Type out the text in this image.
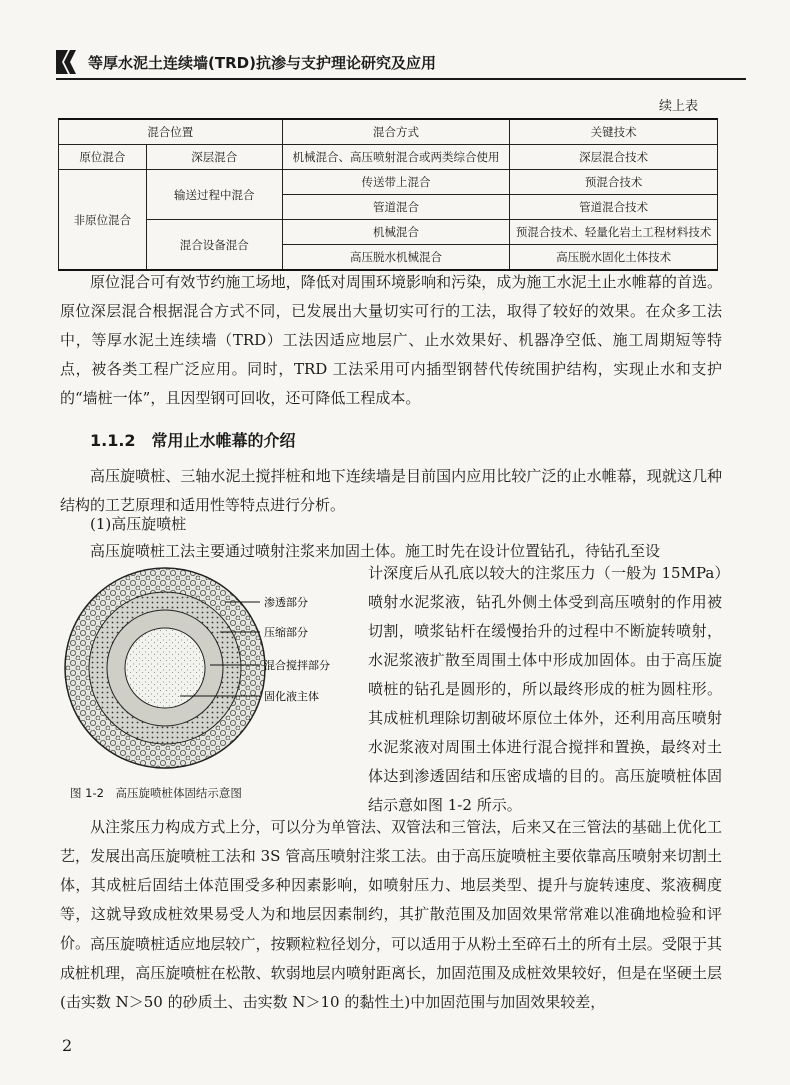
等厚水泥土连续墙(TRD)抗渗与支护理论研究及应用
续上表
混合位置		混合方式	关键技术
原位混合	深层混合	机械混合、高压喷射混合或两类综合使用	深层混合技术
非原位混合	输送过程中混合	传送带上混合	预混合技术
		管道混合	管道混合技术
	混合设备混合	机械混合	预混合技术、轻量化岩土工程材料技术
		高压脱水机械混合	高压脱水固化土体技术

原位混合可有效节约施工场地，降低对周围环境影响和污染，成为施工水泥土止水帷幕的首选。原位深层混合根据混合方式不同，已发展出大量切实可行的工法，取得了较好的效果。在众多工法中，等厚水泥土连续墙（TRD）工法因适应地层广、止水效果好、机器净空低、施工周期短等特点，被各类工程广泛应用。同时，TRD 工法采用可内插型钢替代传统围护结构，实现止水和支护的“墙桩一体”，且因型钢可回收，还可降低工程成本。

1.1.2　常用止水帷幕的介绍

高压旋喷桩、三轴水泥土搅拌桩和地下连续墙是目前国内应用比较广泛的止水帷幕，现就这几种结构的工艺原理和适用性等特点进行分析。

(1)高压旋喷桩

高压旋喷桩工法主要通过喷射注浆来加固土体。施工时先在设计位置钻孔，待钻孔至设

渗透部分
压缩部分
混合搅拌部分
固化液主体
图 1-2　高压旋喷桩体固结示意图

计深度后从孔底以较大的注浆压力（一般为 15MPa）喷射水泥浆液，钻孔外侧土体受到高压喷射的作用被切割，喷浆钻杆在缓慢抬升的过程中不断旋转喷射，水泥浆液扩散至周围土体中形成加固体。由于高压旋喷桩的钻孔是圆形的，所以最终形成的桩为圆柱形。其成桩机理除切割破坏原位土体外，还利用高压喷射水泥浆液对周围土体进行混合搅拌和置换，最终对土体达到渗透固结和压密成墙的目的。高压旋喷桩体固结示意如图 1-2 所示。

从注浆压力构成方式上分，可以分为单管法、双管法和三管法，后来又在三管法的基础上优化工艺，发展出高压旋喷桩工法和 3S 管高压喷射注浆工法。由于高压旋喷桩主要依靠高压喷射来切割土体，其成桩后固结土体范围受多种因素影响，如喷射压力、地层类型、提升与旋转速度、浆液稠度等，这就导致成桩效果易受人为和地层因素制约，其扩散范围及加固效果常常难以准确地检验和评价。 高压旋喷桩适应地层较广，按颗粒粒径划分，可以适用于从粉土至碎石土的所有土层。受限于其成桩机理，高压旋喷桩在松散、软弱地层内喷射距离长，加固范围及成桩效果较好，但是在坚硬土层(击实数 N＞50 的砂质土、击实数 N＞10 的黏性土)中加固范围与加固效果较差，

2
